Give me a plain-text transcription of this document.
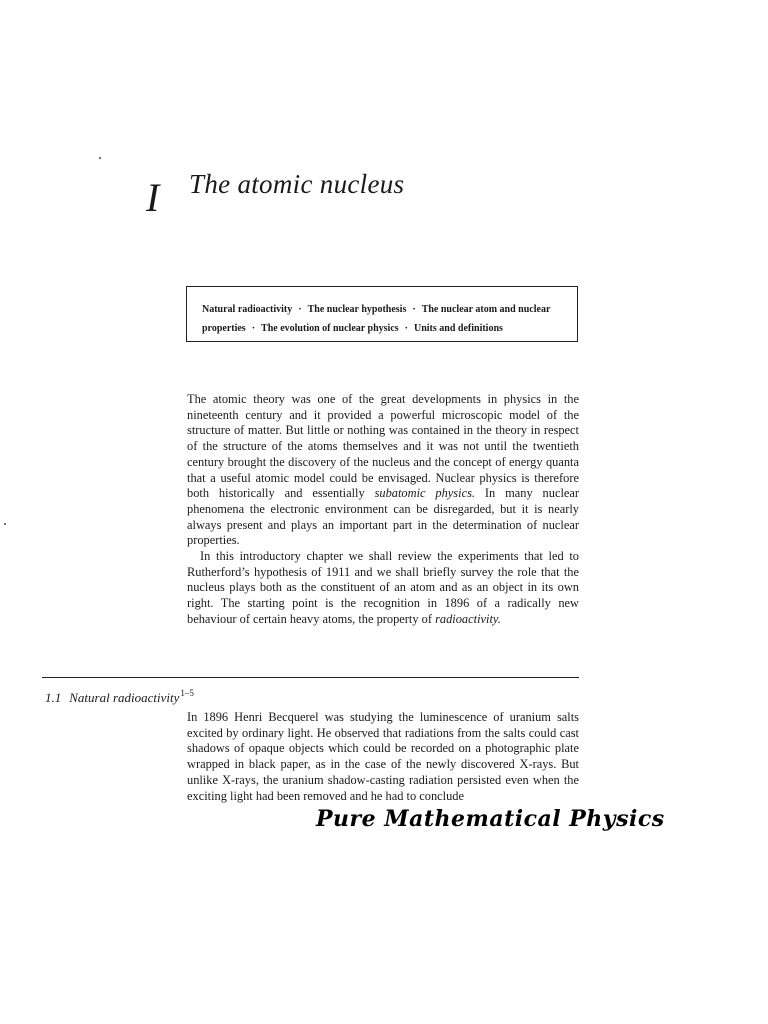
I The atomic nucleus
Natural radioactivity · The nuclear hypothesis · The nuclear atom and nuclear properties · The evolution of nuclear physics · Units and definitions

The atomic theory was one of the great developments in physics in the nineteenth century and it provided a powerful microscopic model of the structure of matter. But little or nothing was contained in the theory in respect of the structure of the atoms themselves and it was not until the twentieth century brought the discovery of the nucleus and the concept of energy quanta that a useful atomic model could be envisaged. Nuclear physics is therefore both historically and essentially subatomic physics. In many nuclear phenomena the electronic environment can be disregarded, but it is nearly always present and plays an important part in the determination of nuclear properties.

In this introductory chapter we shall review the experiments that led to Rutherford’s hypothesis of 1911 and we shall briefly survey the role that the nucleus plays both as the constituent of an atom and as an object in its own right. The starting point is the recognition in 1896 of a radically new behaviour of certain heavy atoms, the property of radioactivity.

1.1 Natural radioactivity$^{1-5}$

In 1896 Henri Becquerel was studying the luminescence of uranium salts excited by ordinary light. He observed that radiations from the salts could cast shadows of opaque objects which could be recorded on a photographic plate wrapped in black paper, as in the case of the newly discovered X-rays. But unlike X-rays, the uranium shadow-casting radiation persisted even when the exciting light had been removed and he had to conclude

Pure Mathematical Physics
